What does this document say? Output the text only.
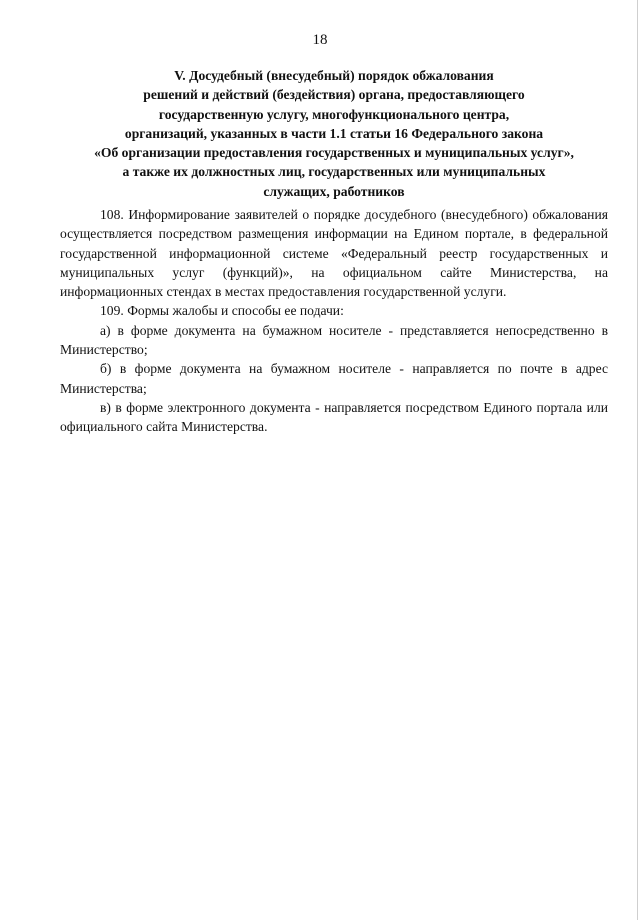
18
V. Досудебный (внесудебный) порядок обжалования
решений и действий (бездействия) органа, предоставляющего
государственную услугу, многофункционального центра,
организаций, указанных в части 1.1 статьи 16 Федерального закона
«Об организации предоставления государственных и муниципальных услуг»,
а также их должностных лиц, государственных или муниципальных
служащих, работников

108. Информирование заявителей о порядке досудебного (внесудебного) обжалования осуществляется посредством размещения информации на Едином портале, в федеральной государственной информационной системе «Федеральный реестр государственных и муниципальных услуг (функций)», на официальном сайте Министерства, на информационных стендах в местах предоставления государственной услуги.

109. Формы жалобы и способы ее подачи:

а) в форме документа на бумажном носителе - представляется непосредственно в Министерство;

б) в форме документа на бумажном носителе - направляется по почте в адрес Министерства;

в) в форме электронного документа - направляется посредством Единого портала или официального сайта Министерства.
